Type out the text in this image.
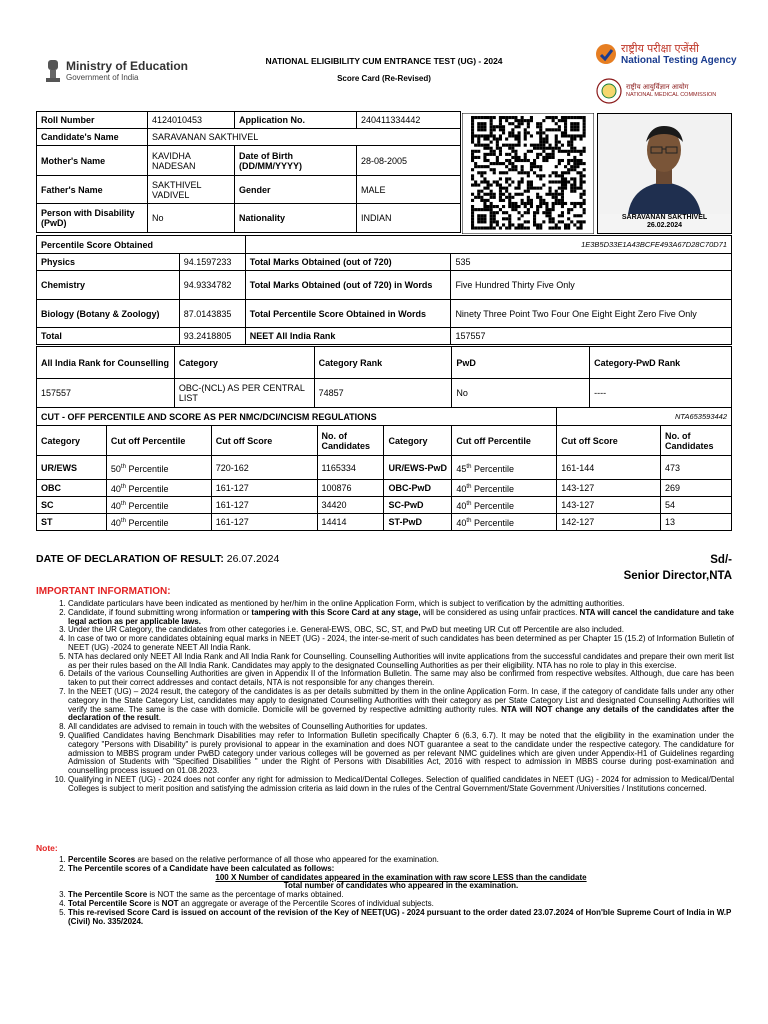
Ministry of Education
Government of India
NATIONAL ELIGIBILITY CUM ENTRANCE TEST (UG) - 2024
Score Card (Re-Revised)
राष्ट्रीय परीक्षा एजेंसी
National Testing Agency
राष्ट्रीय आयुर्विज्ञान आयोग
NATIONAL MEDICAL COMMISSION
Roll Number	4124010453	Application No.	240411334442
Candidate's Name	SARAVANAN SAKTHIVEL		
Mother's Name	KAVIDHA NADESAN	Date of Birth (DD/MM/YYYY)	28-08-2005
Father's Name	SAKTHIVEL VADIVEL	Gender	MALE
Person with Disability (PwD)	No	Nationality	INDIAN	SARAVANAN SAKTHIVEL
26.02.2024
Percentile Score Obtained		1E3B5D33E1A43BCFE493A67D28C70D71	
Physics	94.1597233	Total Marks Obtained (out of 720)	535
Chemistry	94.9334782	Total Marks Obtained (out of 720) in Words	Five Hundred Thirty Five Only
Biology (Botany & Zoology)	87.0143835	Total Percentile Score Obtained in Words	Ninety Three Point Two Four One Eight Eight Zero Five Only
Total	93.2418805	NEET All India Rank	157557
All India Rank for Counselling	Category	Category Rank	PwD	Category-PwD Rank
157557	OBC-(NCL) AS PER CENTRAL LIST	74857	No	----
CUT - OFF PERCENTILE AND SCORE AS PER NMC/DCI/NCISM REGULATIONS						NTA653593442	
Category	Cut off Percentile	Cut off Score	No. of Candidates	Category	Cut off Percentile	Cut off Score	No. of Candidates
UR/EWS	50th Percentile	720-162	1165334	UR/EWS-PwD	45th Percentile	161-144	473
OBC	40th Percentile	161-127	100876	OBC-PwD	40th Percentile	143-127	269
SC	40th Percentile	161-127	34420	SC-PwD	40th Percentile	143-127	54
ST	40th Percentile	161-127	14414	ST-PwD	40th Percentile	142-127	13
DATE OF DECLARATION OF RESULT: 26.07.2024	Sd/-
Senior Director,NTA
IMPORTANT INFORMATION:
1. Candidate particulars have been indicated as mentioned by her/him in the online Application Form, which is subject to verification by the admitting authorities.
2. Candidate, if found submitting wrong information or tampering with this Score Card at any stage, will be considered as using unfair practices. NTA will cancel the candidature and take legal action as per applicable laws.
3. Under the UR Category, the candidates from other categories i.e. General-EWS, OBC, SC, ST, and PwD but meeting UR Cut off Percentile are also included.
4. In case of two or more candidates obtaining equal marks in NEET (UG) - 2024, the inter-se-merit of such candidates has been determined as per Chapter 15 (15.2) of Information Bulletin of NEET (UG) -2024 to generate NEET All India Rank.
5. NTA has declared only NEET All India Rank and All India Rank for Counselling. Counselling Authorities will invite applications from the successful candidates and prepare their own merit list as per their rules based on the All India Rank. Candidates may apply to the designated Counselling Authorities as per their eligibility. NTA has no role to play in this exercise.
6. Details of the various Counselling Authorities are given in Appendix II of the Information Bulletin. The same may also be confirmed from respective websites. Although, due care has been taken to put their correct addresses and contact details, NTA is not responsible for any changes therein.
7. In the NEET (UG) – 2024 result, the category of the candidates is as per details submitted by them in the online Application Form. In case, if the category of candidate falls under any other category in the State Category List, candidates may apply to designated Counselling Authorities with their category as per State Category List and designated Counselling Authorities will verify the same. The same is the case with domicile. Domicile will be governed by respective admitting authority rules. NTA will NOT change any details of the candidates after the declaration of the result.
8. All candidates are advised to remain in touch with the websites of Counselling Authorities for updates.
9. Qualified Candidates having Benchmark Disabilities may refer to Information Bulletin specifically Chapter 6 (6.3, 6.7). It may be noted that the eligibility in the examination under the category "Persons with Disability" is purely provisional to appear in the examination and does NOT guarantee a seat to the candidate under the respective category. The candidature for admission to MBBS program under PwBD category under various colleges will be governed as per relevant NMC guidelines which are given under Appendix-H1 of Guidelines regarding Admission of Students with "Specified Disabilities " under the Right of Persons with Disabilities Act, 2016 with respect to admission in MBBS course during post-examination and counselling process issued on 01.08.2023.
10. Qualifying in NEET (UG) - 2024 does not confer any right for admission to Medical/Dental Colleges. Selection of qualified candidates in NEET (UG) - 2024 for admission to Medical/Dental Colleges is subject to merit position and satisfying the admission criteria as laid down in the rules of the Central Government/State Government /Universities / Institutions concerned.
Note:
1. Percentile Scores are based on the relative performance of all those who appeared for the examination.
2. The Percentile scores of a Candidate have been calculated as follows:
100 X Number of candidates appeared in the examination with raw score LESS than the candidate
Total number of candidates who appeared in the examination.
3. The Percentile Score is NOT the same as the percentage of marks obtained.
4. Total Percentile Score is NOT an aggregate or average of the Percentile Scores of individual subjects.
5. This re-revised Score Card is issued on account of the revision of the Key of NEET(UG) - 2024 pursuant to the order dated 23.07.2024 of Hon'ble Supreme Court of India in W.P (Civil) No. 335/2024.
